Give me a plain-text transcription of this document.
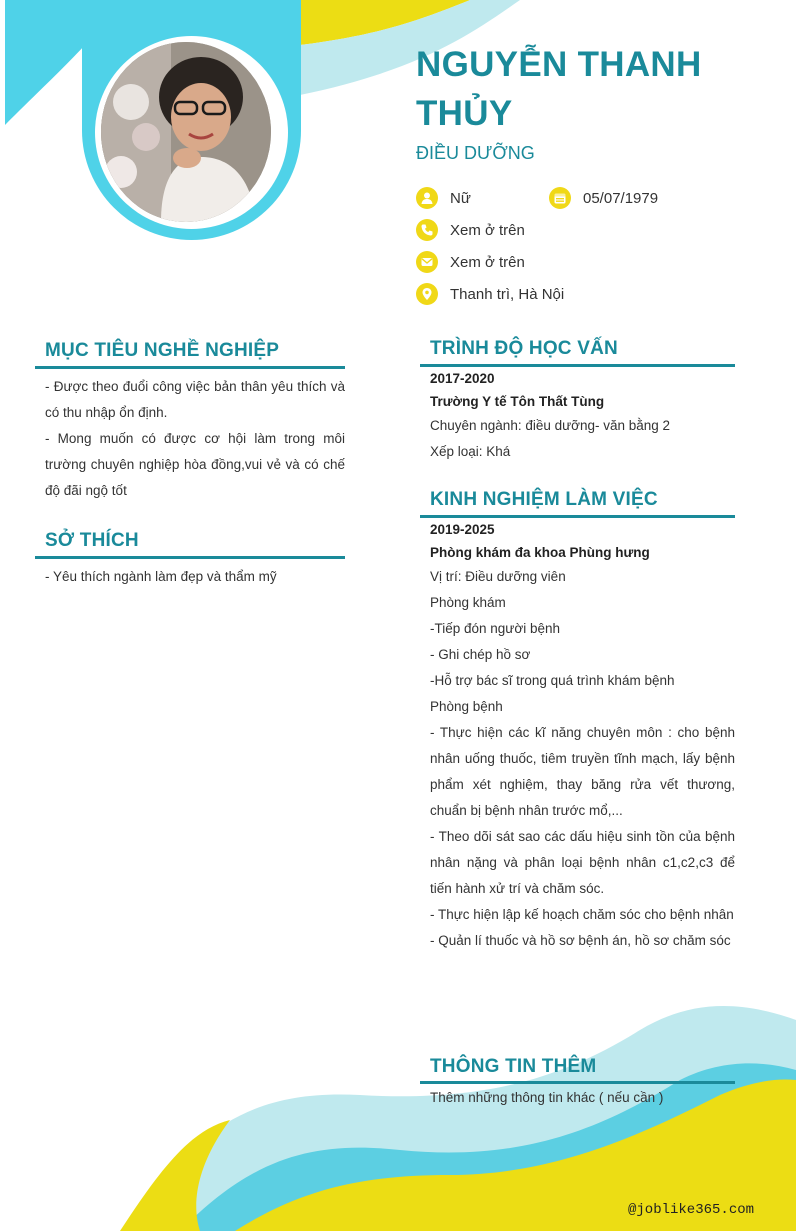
NGUYỄN THANH THỦY
ĐIỀU DƯỠNG
Nữ	05/07/1979
Xem ở trên
Xem ở trên
Thanh trì, Hà Nội
MỤC TIÊU NGHỀ NGHIỆP

- Được theo đuổi công việc bản thân yêu thích và có thu nhập ổn định.

- Mong muốn có được cơ hội làm trong môi trường chuyên nghiệp hòa đồng,vui vẻ và có chế độ đãi ngộ tốt

SỞ THÍCH

- Yêu thích ngành làm đẹp và thẩm mỹ

TRÌNH ĐỘ HỌC VẤN

2017-2020

Trường Y tế Tôn Thất Tùng

Chuyên ngành: điều dưỡng- văn bằng 2

Xếp loại: Khá

KINH NGHIỆM LÀM VIỆC

2019-2025

Phòng khám đa khoa Phùng hưng

Vị trí: Điều dưỡng viên

Phòng khám

-Tiếp đón người bệnh

- Ghi chép hồ sơ

-Hỗ trợ bác sĩ trong quá trình khám bệnh

Phòng bệnh

- Thực hiện các kĩ năng chuyên môn : cho bệnh nhân uống thuốc, tiêm truyền tĩnh mạch, lấy bệnh phẩm xét nghiệm, thay băng rửa vết thương, chuẩn bị bệnh nhân trước mổ,...

- Theo dõi sát sao các dấu hiệu sinh tồn của bệnh nhân nặng và phân loại bệnh nhân c1,c2,c3 để tiến hành xử trí và chăm sóc.

- Thực hiện lập kế hoạch chăm sóc cho bệnh nhân

- Quản lí thuốc và hồ sơ bệnh án, hồ sơ chăm sóc

THÔNG TIN THÊM

Thêm những thông tin khác ( nếu cần )

@joblike365.com
